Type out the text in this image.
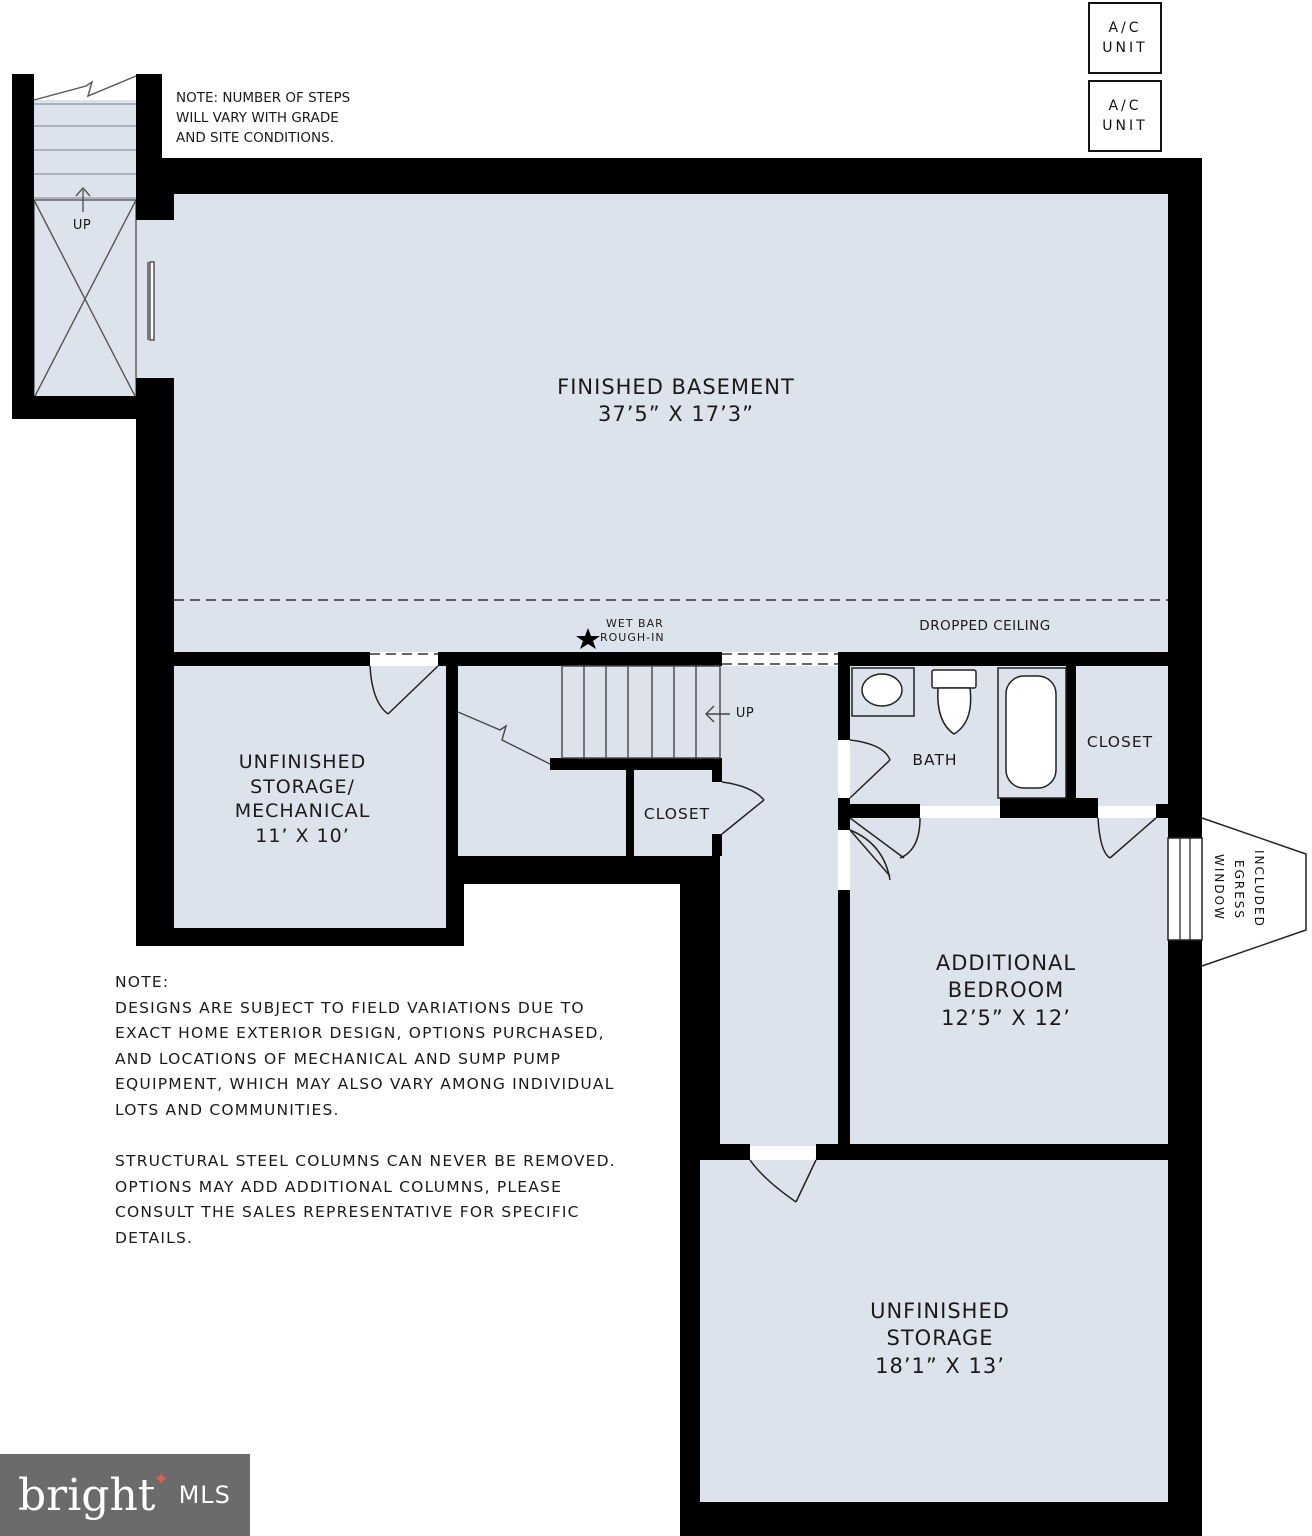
A/C
UNIT
A/C
UNIT
NOTE: NUMBER OF STEPS
WILL VARY WITH GRADE
AND SITE CONDITIONS.
FINISHED BASEMENT
37’5” X 17’3”
WET BAR
ROUGH-IN
DROPPED CEILING
UNFINISHED
STORAGE/
MECHANICAL
11’ X 10’
CLOSET
BATH
CLOSET
UP
UP
ADDITIONAL
BEDROOM
12’5” X 12’
UNFINISHED
STORAGE
18’1” X 13’
INCLUDED
EGRESS
WINDOW
NOTE:
DESIGNS ARE SUBJECT TO FIELD VARIATIONS DUE TO
EXACT HOME EXTERIOR DESIGN, OPTIONS PURCHASED,
AND LOCATIONS OF MECHANICAL AND SUMP PUMP
EQUIPMENT, WHICH MAY ALSO VARY AMONG INDIVIDUAL
LOTS AND COMMUNITIES.
STRUCTURAL STEEL COLUMNS CAN NEVER BE REMOVED.
OPTIONS MAY ADD ADDITIONAL COLUMNS, PLEASE
CONSULT THE SALES REPRESENTATIVE FOR SPECIFIC
DETAILS.
bright
✦
MLS
